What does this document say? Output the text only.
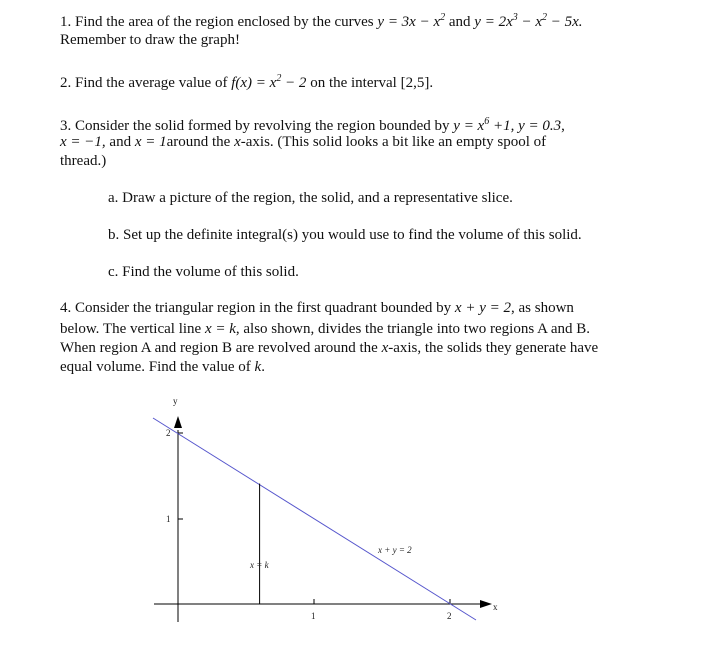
1. Find the area of the region enclosed by the curves $y = 3x - x^2$ and $y = 2x^3 - x^2 - 5x$.

Remember to draw the graph!

2. Find the average value of $f(x) = x^2 - 2$ on the interval [2,5].

3. Consider the solid formed by revolving the region bounded by $y = x^6 +1$, y = 0.3,

x = −1, and x = 1around the x-axis. (This solid looks a bit like an empty spool of

thread.)

a. Draw a picture of the region, the solid, and a representative slice.
b. Set up the definite integral(s) you would use to find the volume of this solid.
c. Find the volume of this solid.

4. Consider the triangular region in the first quadrant bounded by x + y = 2, as shown

below. The vertical line x = k, also shown, divides the triangle into two regions A and B.

When region A and region B are revolved around the x-axis, the solids they generate have

equal volume. Find the value of k.

y
x
2
1
1	2
x + y = 2
x = k
